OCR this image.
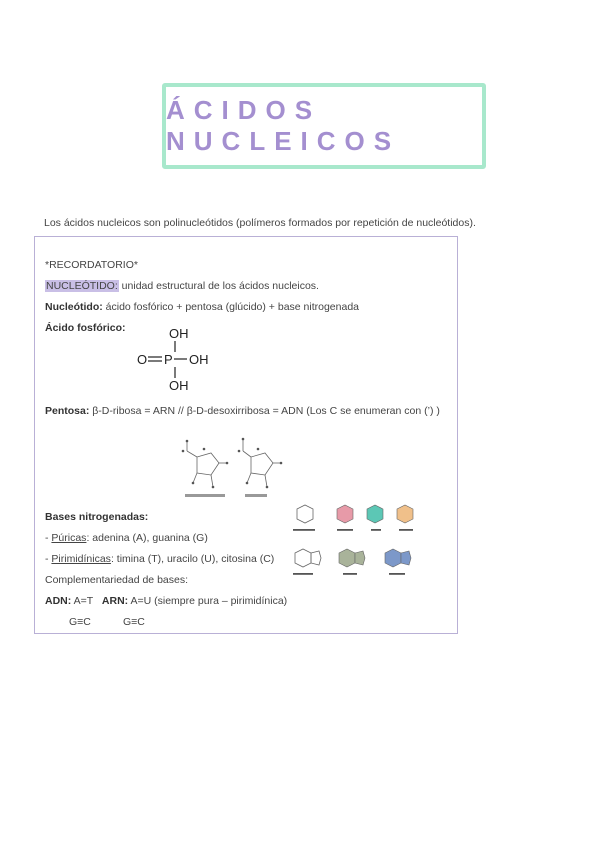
ÁCIDOS NUCLEICOS
Los ácidos nucleicos son polinucleótidos (polímeros formados por repetición de nucleótidos).
*RECORDATORIO*
NUCLEÓTIDO: unidad estructural de los ácidos nucleicos.
Nucleótido: ácido fosfórico + pentosa (glúcido) + base nitrogenada
Ácido fosfórico:	OH
O P OH
OH
Pentosa: β-D-ribosa = ARN // β-D-desoxirribosa = ADN (Los C se enumeran con (’) )
Bases nitrogenadas:
- Púricas: adenina (A), guanina (G)
- Pirimidínicas: timina (T), uracilo (U), citosina (C)
Complementariedad de bases:
ADN: A=T ARN: A=U (siempre pura – pirimidínica)
G≡C	G≡C
